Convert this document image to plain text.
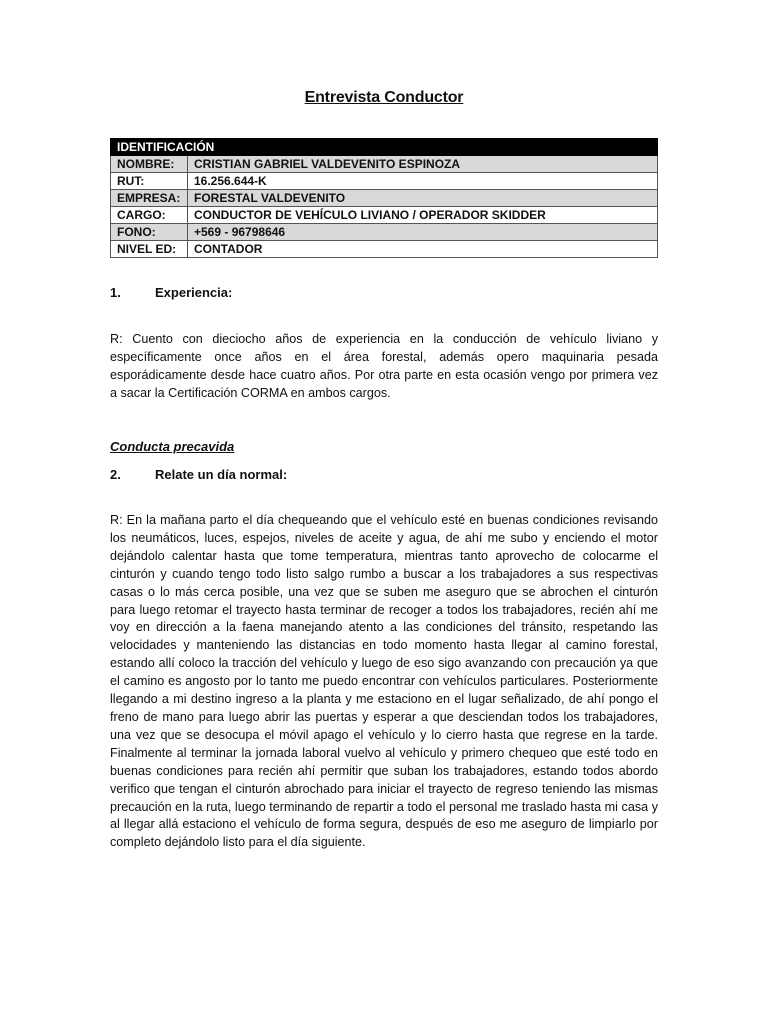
Entrevista Conductor
IDENTIFICACIÓN	
NOMBRE:	CRISTIAN GABRIEL VALDEVENITO ESPINOZA
RUT:	16.256.644-K
EMPRESA:	FORESTAL VALDEVENITO
CARGO:	CONDUCTOR DE VEHÍCULO LIVIANO / OPERADOR SKIDDER
FONO:	+569 - 96798646
NIVEL ED:	CONTADOR
1.	Experiencia:
R: Cuento con dieciocho años de experiencia en la conducción de vehículo liviano y específicamente once años en el área forestal, además opero maquinaria pesada esporádicamente desde hace cuatro años. Por otra parte en esta ocasión vengo por primera vez a sacar la Certificación CORMA en ambos cargos.
Conducta precavida
2.	Relate un día normal:
R: En la mañana parto el día chequeando que el vehículo esté en buenas condiciones revisando los neumáticos, luces, espejos, niveles de aceite y agua, de ahí me subo y enciendo el motor dejándolo calentar hasta que tome temperatura, mientras tanto aprovecho de colocarme el cinturón y cuando tengo todo listo salgo rumbo a buscar a los trabajadores a sus respectivas casas o lo más cerca posible, una vez que se suben me aseguro que se abrochen el cinturón para luego retomar el trayecto hasta terminar de recoger a todos los trabajadores, recién ahí me voy en dirección a la faena manejando atento a las condiciones del tránsito, respetando las velocidades y manteniendo las distancias en todo momento hasta llegar al camino forestal, estando allí coloco la tracción del vehículo y luego de eso sigo avanzando con precaución ya que el camino es angosto por lo tanto me puedo encontrar con vehículos particulares. Posteriormente llegando a mi destino ingreso a la planta y me estaciono en el lugar señalizado, de ahí pongo el freno de mano para luego abrir las puertas y esperar a que desciendan todos los trabajadores, una vez que se desocupa el móvil apago el vehículo y lo cierro hasta que regrese en la tarde. Finalmente al terminar la jornada laboral vuelvo al vehículo y primero chequeo que esté todo en buenas condiciones para recién ahí permitir que suban los trabajadores, estando todos abordo verifico que tengan el cinturón abrochado para iniciar el trayecto de regreso teniendo las mismas precaución en la ruta, luego terminando de repartir a todo el personal me traslado hasta mi casa y al llegar allá estaciono el vehículo de forma segura, después de eso me aseguro de limpiarlo por completo dejándolo listo para el día siguiente.
